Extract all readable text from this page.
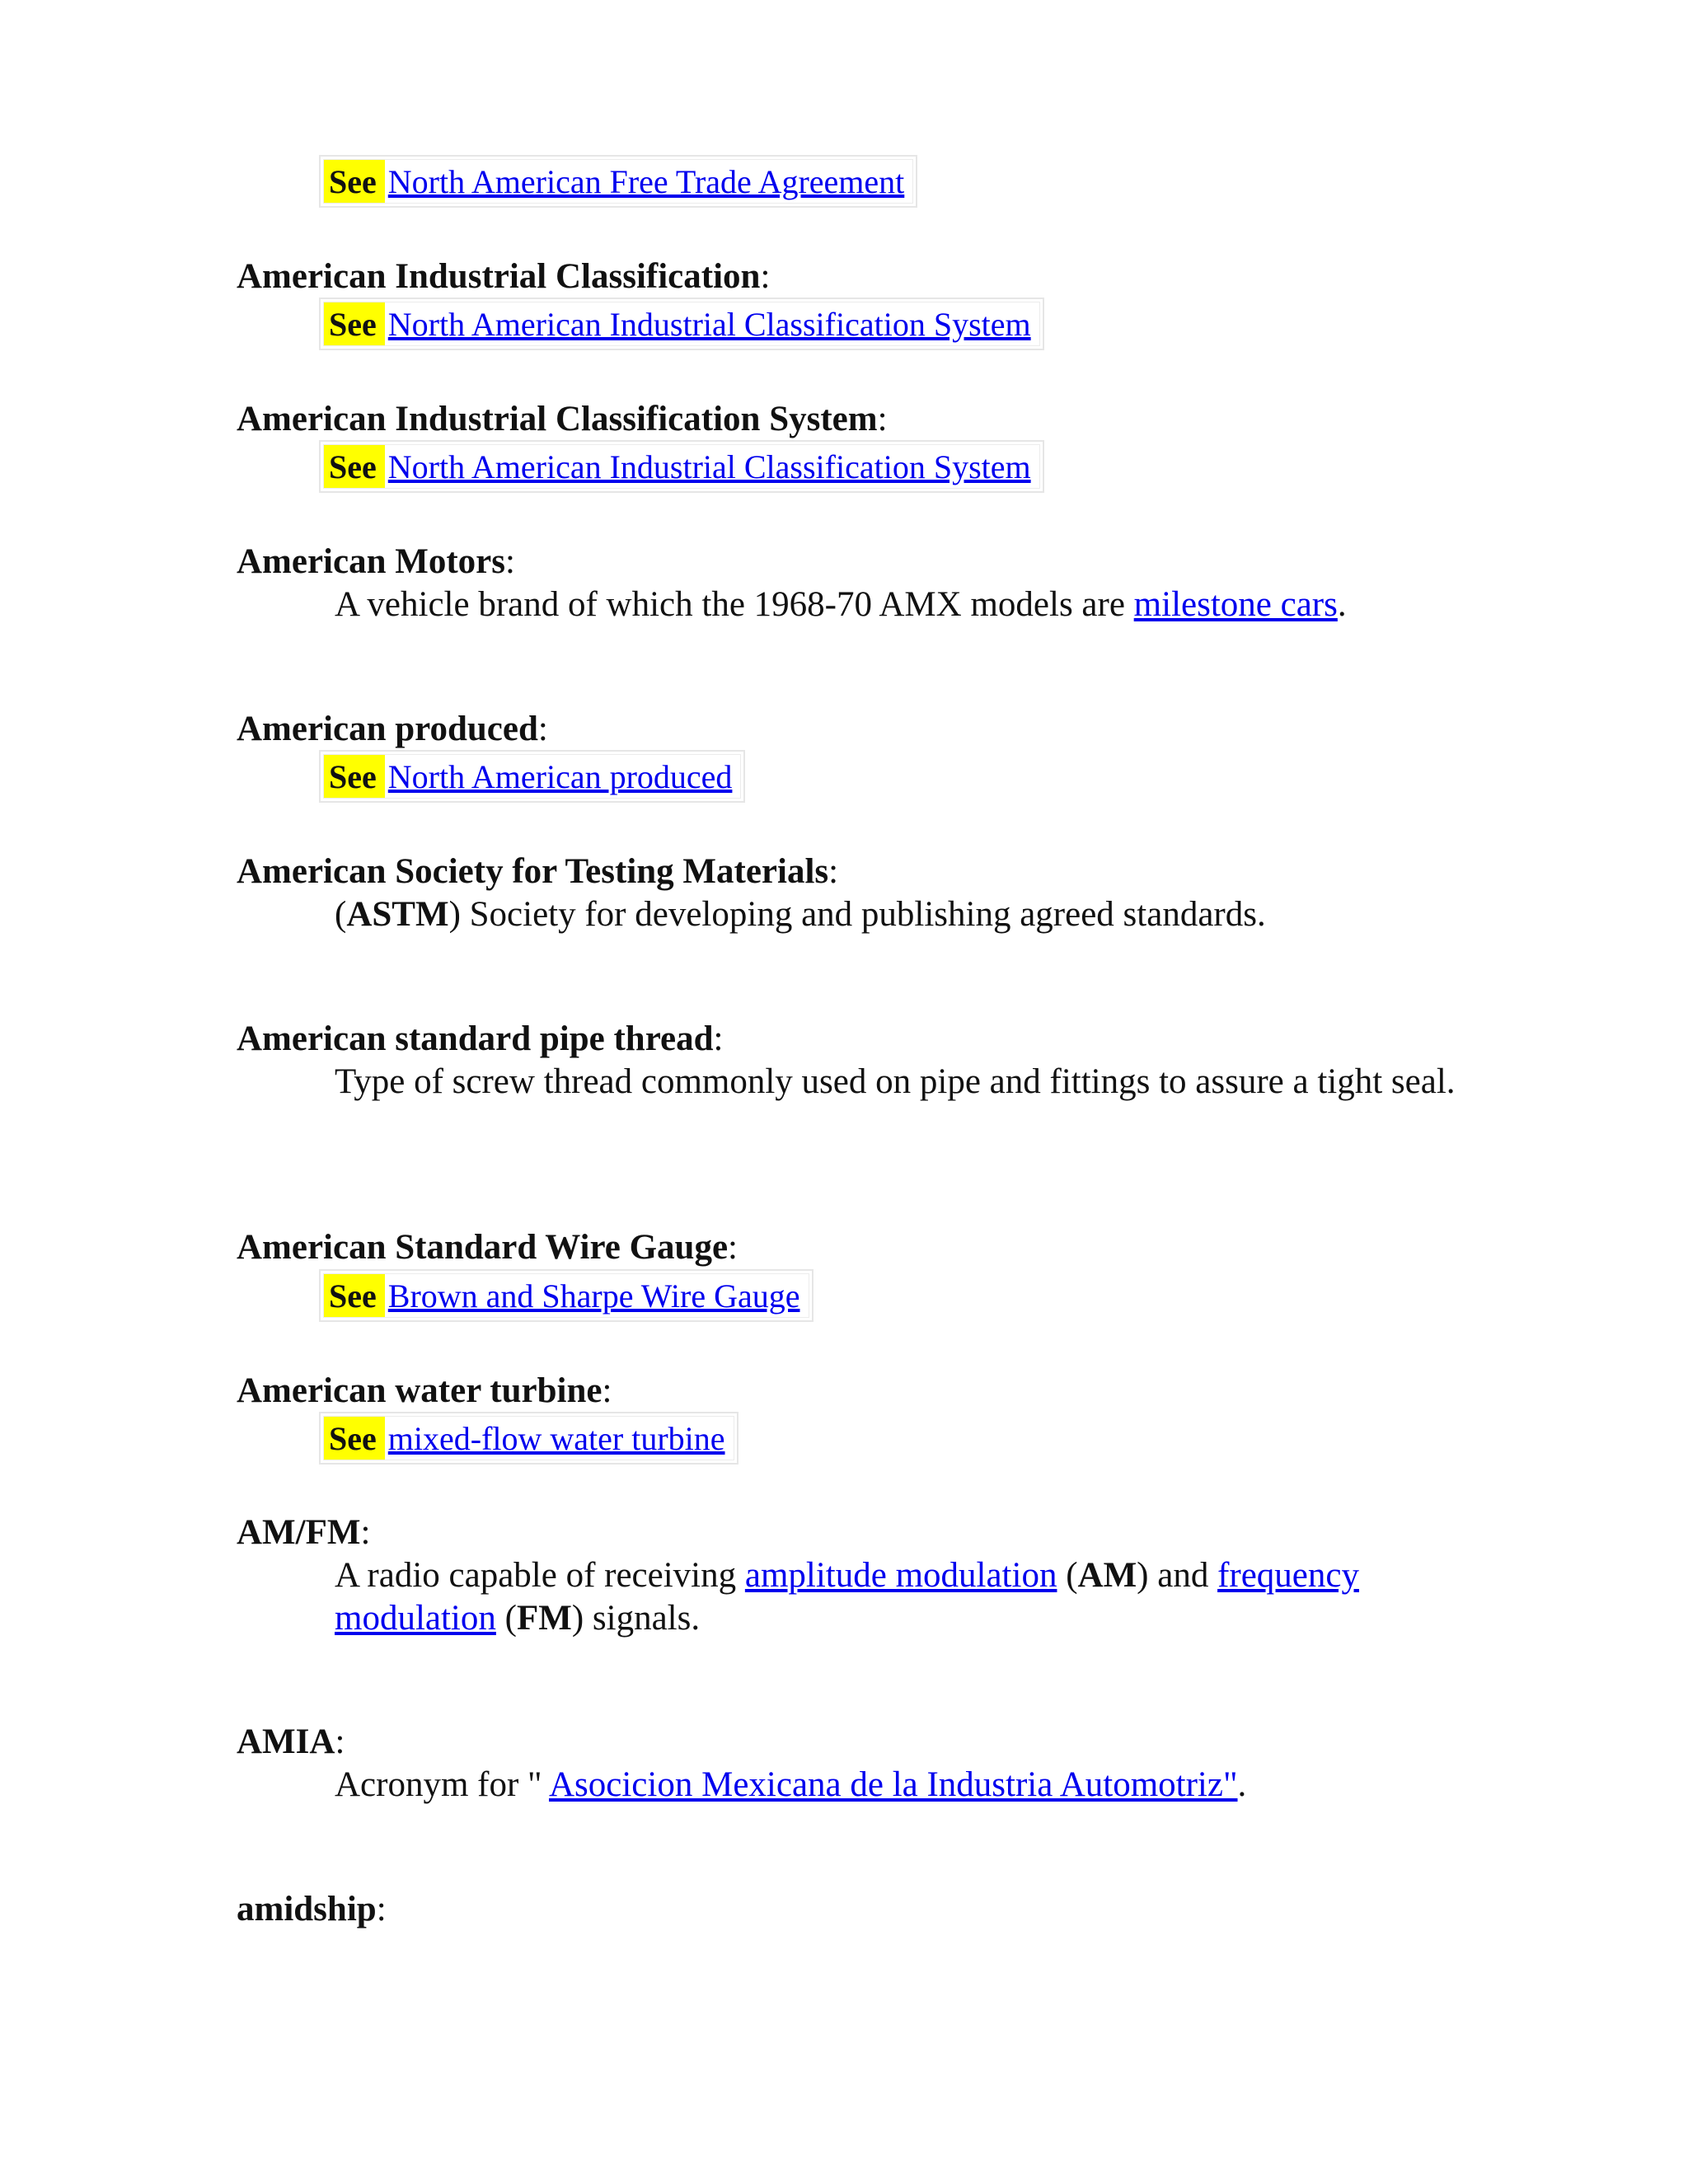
See North American Free Trade Agreement
American Industrial Classification:
See North American Industrial Classification System
American Industrial Classification System:
See North American Industrial Classification System
American Motors:
A vehicle brand of which the 1968-70 AMX models are milestone cars.
American produced:
See North American produced
American Society for Testing Materials:
(ASTM) Society for developing and publishing agreed standards.
American standard pipe thread:
Type of screw thread commonly used on pipe and fittings to assure a tight seal.
American Standard Wire Gauge:
See Brown and Sharpe Wire Gauge
American water turbine:
See mixed-flow water turbine
AM/FM:
A radio capable of receiving amplitude modulation (AM) and frequency modulation (FM) signals.
AMIA:
Acronym for " Asocicion Mexicana de la Industria Automotriz".
amidship:
